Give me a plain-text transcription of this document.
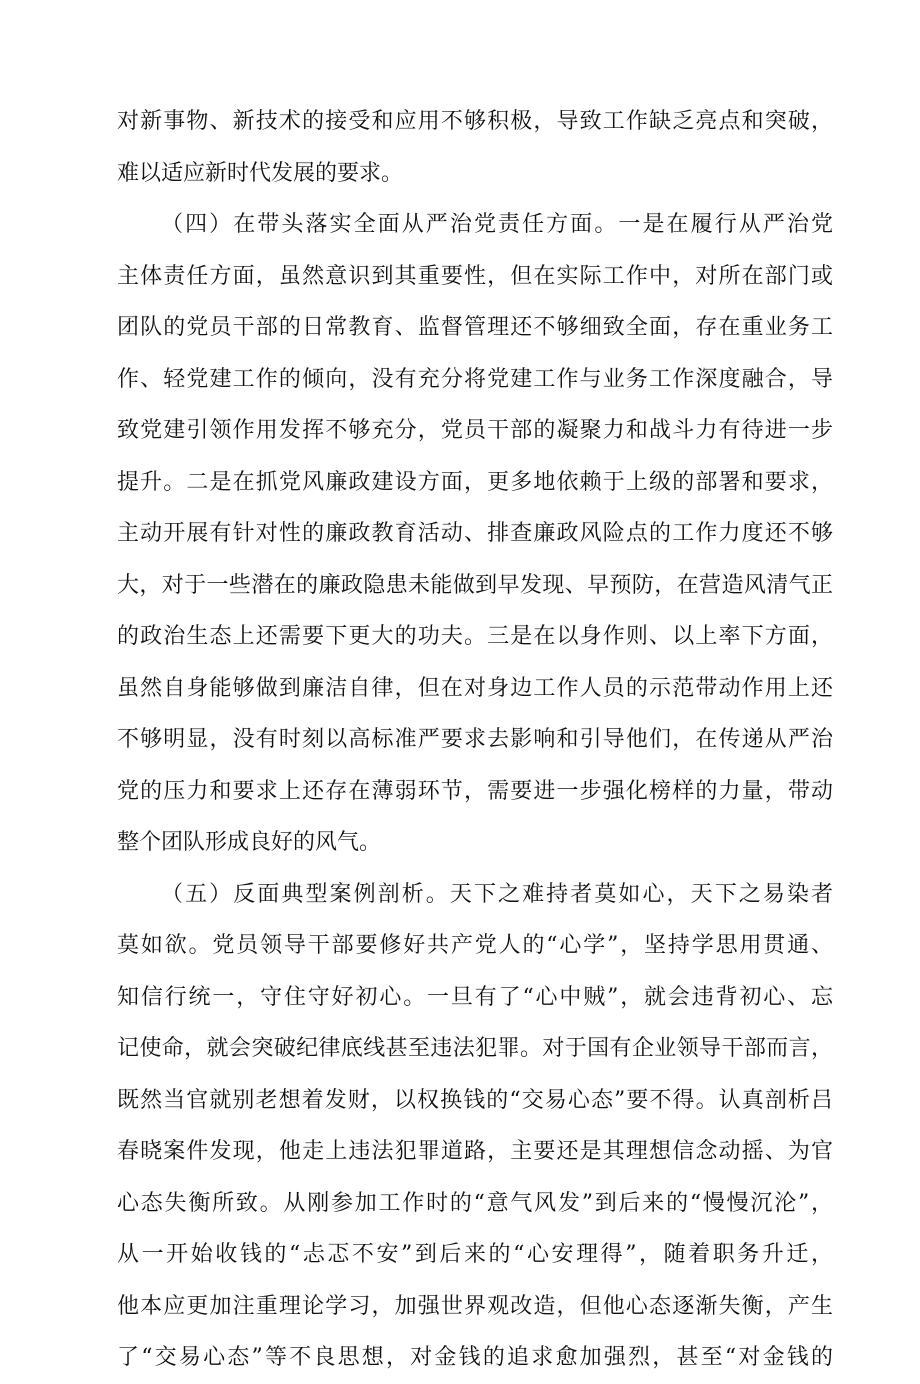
对新事物、新技术的接受和应用不够积极，导致工作缺乏亮点和突破，
难以适应新时代发展的要求。
（四）在带头落实全面从严治党责任方面。一是在履行从严治党
主体责任方面，虽然意识到其重要性，但在实际工作中，对所在部门或
团队的党员干部的日常教育、监督管理还不够细致全面，存在重业务工
作、轻党建工作的倾向，没有充分将党建工作与业务工作深度融合，导
致党建引领作用发挥不够充分，党员干部的凝聚力和战斗力有待进一步
提升。二是在抓党风廉政建设方面，更多地依赖于上级的部署和要求，
主动开展有针对性的廉政教育活动、排查廉政风险点的工作力度还不够
大，对于一些潜在的廉政隐患未能做到早发现、早预防，在营造风清气正
的政治生态上还需要下更大的功夫。三是在以身作则、以上率下方面，
虽然自身能够做到廉洁自律，但在对身边工作人员的示范带动作用上还
不够明显，没有时刻以高标准严要求去影响和引导他们，在传递从严治
党的压力和要求上还存在薄弱环节，需要进一步强化榜样的力量，带动
整个团队形成良好的风气。
（五）反面典型案例剖析。天下之难持者莫如心，天下之易染者
莫如欲。党员领导干部要修好共产党人的“心学”，坚持学思用贯通、
知信行统一，守住守好初心。一旦有了“心中贼”，就会违背初心、忘
记使命，就会突破纪律底线甚至违法犯罪。对于国有企业领导干部而言，
既然当官就别老想着发财，以权换钱的“交易心态”要不得。认真剖析吕
春晓案件发现，他走上违法犯罪道路，主要还是其理想信念动摇、为官
心态失衡所致。从刚参加工作时的“意气风发”到后来的“慢慢沉沦”，
从一开始收钱的“忐忑不安”到后来的“心安理得”，随着职务升迁，
他本应更加注重理论学习，加强世界观改造，但他心态逐渐失衡，产生
了“交易心态”等不良思想，对金钱的追求愈加强烈，甚至“对金钱的
